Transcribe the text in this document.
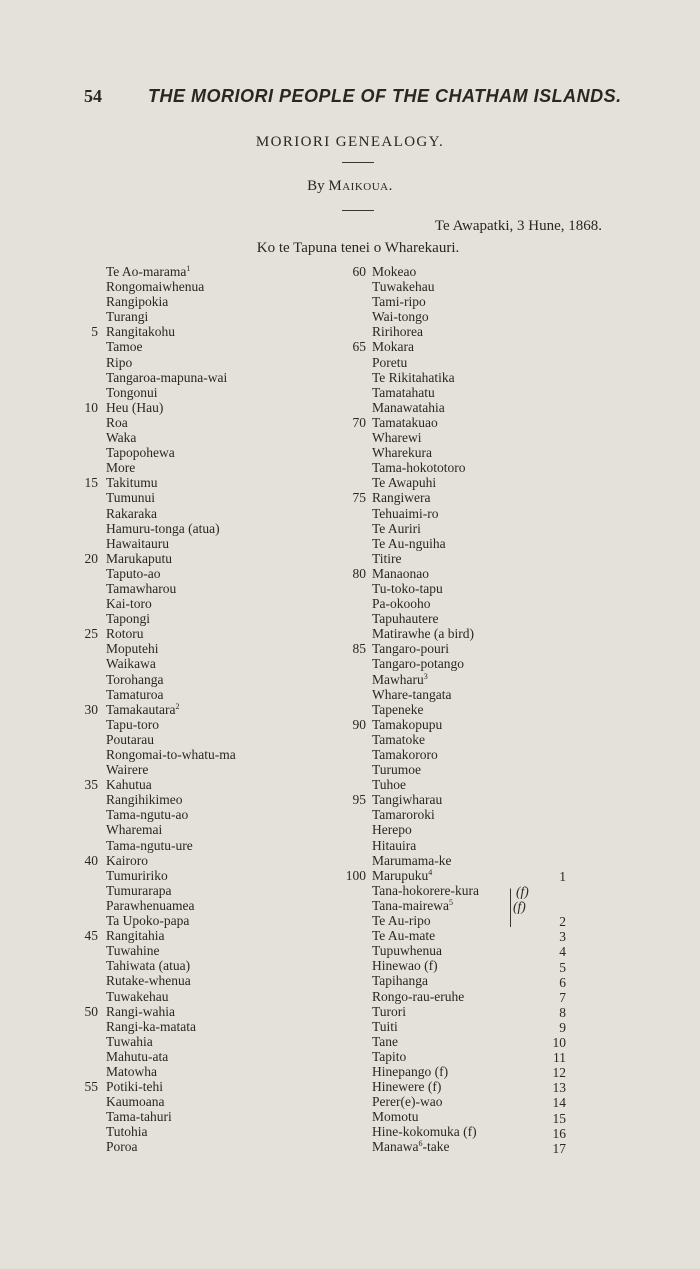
54	THE MORIORI PEOPLE OF THE CHATHAM ISLANDS.
MORIORI GENEALOGY.
By Maikoua.
Te Awapatki, 3 Hune, 1868.
Ko te Tapuna tenei o Wharekauri.
Te Ao-marama$^1$
Rongomaiwhenua
Rangipokia
Turangi
5 Rangitakohu
Tamoe
Ripo
Tangaroa-mapuna-wai
Tongonui
10 Heu (Hau)
Roa
Waka
Tapopohewa
More
15 Takitumu
Tumunui
Rakaraka
Hamuru-tonga (atua)
Hawaitauru
20 Marukaputu
Taputo-ao
Tamawharou
Kai-toro
Tapongi
25 Rotoru
Moputehi
Waikawa
Torohanga
Tamaturoa
30 Tamakautara$^2$
Tapu-toro
Poutarau
Rongomai-to-whatu-ma
Wairere
35 Kahutua
Rangihikimeo
Tama-ngutu-ao
Wharemai
Tama-ngutu-ure
40 Kairoro
Tumuririko
Tumurarapa
Parawhenuamea
Ta Upoko-papa
45 Rangitahia
Tuwahine
Tahiwata (atua)
Rutake-whenua
Tuwakehau
50 Rangi-wahia
Rangi-ka-matata
Tuwahia
Mahutu-ata
Matowha
55 Potiki-tehi
Kaumoana
Tama-tahuri
Tutohia
Poroa
60 Mokeao
Tuwakehau
Tami-ripo
Wai-tongo
Ririhorea
65 Mokara
Poretu
Te Rikitahatika
Tamatahatu
Manawatahia
70 Tamatakuao
Wharewi
Wharekura
Tama-hokototoro
Te Awapuhi
75 Rangiwera
Tehuaimi-ro
Te Auriri
Te Au-nguiha
Titire
80 Manaonao
Tu-toko-tapu
Pa-okooho
Tapuhautere
Matirawhe (a bird)
85 Tangaro-pouri
Tangaro-potango
Mawharu$^3$
Whare-tangata
Tapeneke
90 Tamakopupu
Tamatoke
Tamakororo
Turumoe
Tuhoe
95 Tangiwharau
Tamaroroki
Herepo
Hitauira
Marumama-ke
100 Marupuku$^4$
Tana-hokorere-kura
Tana-mairewa$^5$
Te Au-ripo
Te Au-mate
Tupuwhenua
Hinewao (f)
Tapihanga
Rongo-rau-eruhe
Turori
Tuiti
Tane
Tapito
Hinepango (f)
Hinewere (f)
Perer(e)-wao
Momotu
Hine-kokomuka (f)
Manawa$^6$-take
(f)
(f)
1
2
3
4
5
6
7
8
9
10
11
12
13
14
15
16
17
